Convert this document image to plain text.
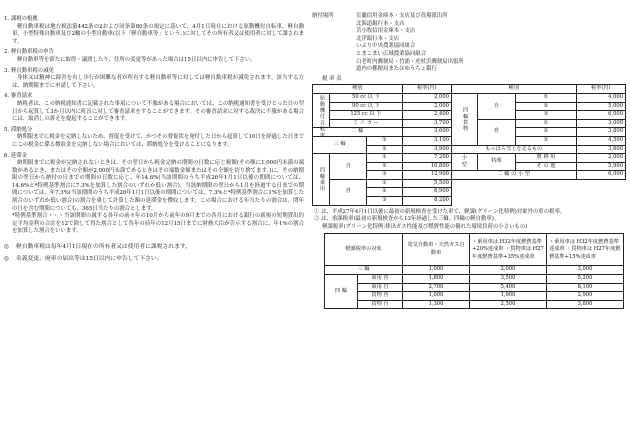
1. 課税の根拠
軽自動車税は地方税法第442条の2および同条第80条の規定に基いて、4月1日現在における原動機付自転車、軽自動車、小型特殊自動車及び2輪の小型自動車(以下「軽自動車等」という。)に対してその所有者又は使用者に対して課されます。
2. 軽自動車税の申告
軽自動車等を新たに取得・譲渡したり、住所の変更等があった場合は15日以内に申告して下さい。
3. 軽自動車税の減免
身体又は精神に障害を有し歩行が困難な者が所有する軽自動車等に対しては軽自動車税が減免されます。該当する方は、納期限までに申請して下さい。
4. 審査請求
納税者は、この納税通知書に記載された事項について不服がある場合においては、この納税通知書を受けとった日の翌日から起算して3か月以内に町長に対して審査請求をすることができます。その審査請求に対する裁決に不服がある場合には、取消しの訴えを提起することができます。
5. 滞納処分
納期限までに税金を完納しないため、督促を受けて、かつその督促状を発付した日から起算して10日を経過した日までにこの税金に係る徴収金を完納しない場合においては、滞納処分を受けることになります。
6. 延滞金
納期限までに税金が完納されないときは、その翌日から税金完納の期間の日数に応じ税額(その額に1,000円未満の端数があるとき、またはその全額が2,000円未満であるときはその端数金額またはその全額を切り捨てます。)に、その納期限の翌日から納付の日までの期間の日数に応じ、年14.6%(当該期間のうち平成26年1月1日以後の期間については、14.6%と*特例基準割合に7.3%を加算した割合のいずれか低い割合)、当該納期限の翌日から1月を経過する日までの期間については、年7.3%(当該期間のうち平成26年1月1日以後の期間については、7.3%と*特例基準割合に1%を加算した割合のいずれか低い割合)の割合を乗じて計算した額の延滞金を徴収します。この場合における年当たりの割合は、閏年の日を含む期間についても、365日当たりの割合とします。
*特例基準割合・・・当該期間の属する各年の前々年の10月から前年の9月までの各月における銀行の新規の短期貸出約定平均金利の合計を12で除して得た割合として各年の前年の12月15日までに財務大臣が告示する割合に、年1%の割合を加算した割合をいいます。
◎ 軽自動車税は毎年4月1日現在の所有者又は使用者に課税されます。
◎ 名義変更、廃車の届出等は15日以内に申告して下さい。
納付場所	室蘭信用金庫本・支店及び役場派出所
北海道銀行本・支店
苫小牧信用金庫本・支店
北洋銀行本・支店
いぶり中央農業協同組合
とまこまい広域農業協同組合
白老町内郵便局・竹浦・虎杖浜郵便局出張所
道内の郵便局またはゆうちょ銀行
税 率 表
種別			税率(円)	種別			税率(円)
原動機付自転車	50 cc 以 下		2,000	四輪貨物	自	①	4,000
	90 cc 以 下		2,000			②	5,000
	125 cc 以 下		2,400			③	6,000
	ミ ニ カ ー		3,700		営	①	3,000
二 輪			3,600			②	3,800
三 輪		①	3,100			③	4,500
		②	3,900	もっぱら雪上を走るもの			3,600
四輪乗用	自	①	7,200	小
型	特殊	農 耕 用	2,000
		②	10,800			そ の 他	5,900
		③	12,900	二 輪 の 小 型			6,000
	営	①	5,500				
		②	6,900				
		③	8,200				
① は、平成27年4月1日以後に最初の新規検査を受けた車で、軽課(グリーン化特例)対象外の車の税率。
② は、重課税率(最初の新規検査から13年経過した三輪、四輪の軽自動車)。
軽課税率(グリーン化特例:排出ガス性能及び燃費性能の優れた環境負荷の小さいもの)
軽課税率の対象		電気自動車・天然ガス自動車	・乗用車は H32年度燃費基準+20%達成車 ・貨物車は H27年度燃費基準+35%達成車	・乗用車は H32年度燃費基準達成車 ・貨物車は H27年度燃費基準+15%達成車
三 輪		1,000	2,000	3,000
四 輪	乗用 営	1,800	3,500	5,200
	乗用 自	2,700	5,400	8,100
	貨物 営	1,000	1,900	2,900
	貨物 自	1,300	2,500	3,800
